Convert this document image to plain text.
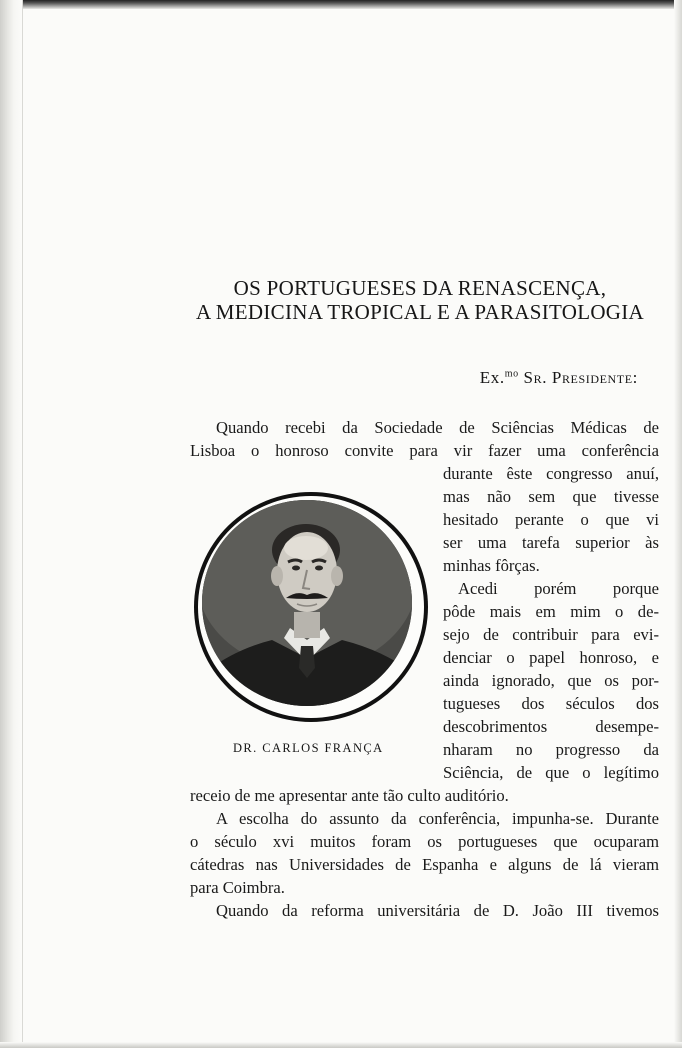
OS PORTUGUESES DA RENASCENÇA,
A MEDICINA TROPICAL E A PARASITOLOGIA
Ex.$^{mo}$ Sr. Presidente:
Quando recebi da Sociedade de Sciências Médicas de
Lisboa o honroso convite para vir fazer uma conferência
durante êste congresso anuí,
mas não sem que tivesse
hesitado perante o que vi
ser uma tarefa superior às
minhas fôrças.
Acedi porém porque
pôde mais em mim o de-
sejo de contribuir para evi-
denciar o papel honroso, e
ainda ignorado, que os por-
tugueses dos séculos dos
descobrimentos desempe-
nharam no progresso da
Sciência, de que o legítimo
receio de me apresentar ante tão culto auditório.
A escolha do assunto da conferência, impunha-se. Durante
o século xvi muitos foram os portugueses que ocuparam
cátedras nas Universidades de Espanha e alguns de lá vieram
para Coimbra.
Quando da reforma universitária de D. João III tivemos
DR. CARLOS FRANÇA
